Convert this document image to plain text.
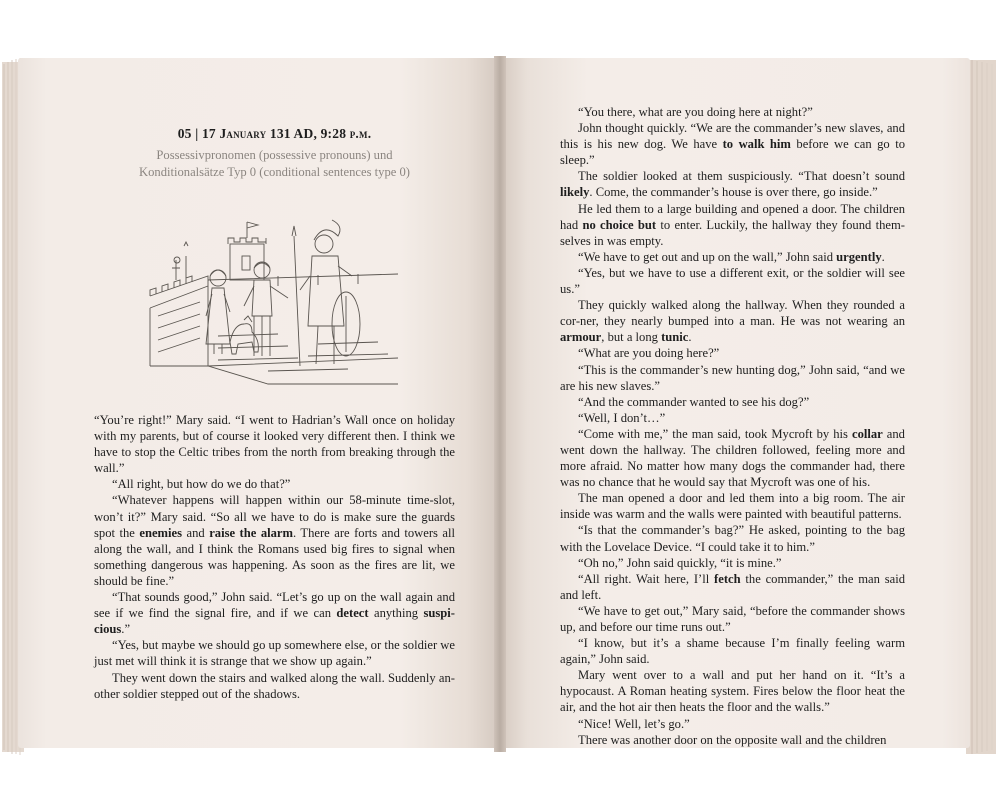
05 | 17 January 131 AD, 9:28 p.m.
Possessivpronomen (possessive pronouns) und
Konditionalsätze Typ 0 (conditional sentences type 0)

“You’re right!” Mary said. “I went to Hadrian’s Wall once on holiday with my parents, but of course it looked very different then. I think we have to stop the Celtic tribes from the north from breaking through the wall.”

“All right, but how do we do that?”

“Whatever happens will happen within our 58-minute time-slot, won’t it?” Mary said. “So all we have to do is make sure the guards spot the enemies and raise the alarm. There are forts and towers all along the wall, and I think the Romans used big fires to signal when something dangerous was happening. As soon as the fires are lit, we should be fine.”

“That sounds good,” John said. “Let’s go up on the wall again and see if we find the signal fire, and if we can detect anything suspi-cious.”

“Yes, but maybe we should go up somewhere else, or the soldier we just met will think it is strange that we show up again.”

They went down the stairs and walked along the wall. Suddenly an-other soldier stepped out of the shadows.

“You there, what are you doing here at night?”

John thought quickly. “We are the commander’s new slaves, and this is his new dog. We have to walk him before we can go to sleep.”

The soldier looked at them suspiciously. “That doesn’t sound likely. Come, the commander’s house is over there, go inside.”

He led them to a large building and opened a door. The children had no choice but to enter. Luckily, the hallway they found them-selves in was empty.

“We have to get out and up on the wall,” John said urgently.

“Yes, but we have to use a different exit, or the soldier will see us.”

They quickly walked along the hallway. When they rounded a cor-ner, they nearly bumped into a man. He was not wearing an armour, but a long tunic.

“What are you doing here?”

“This is the commander’s new hunting dog,” John said, “and we are his new slaves.”

“And the commander wanted to see his dog?”

“Well, I don’t…”

“Come with me,” the man said, took Mycroft by his collar and went down the hallway. The children followed, feeling more and more afraid. No matter how many dogs the commander had, there was no chance that he would say that Mycroft was one of his.

The man opened a door and led them into a big room. The air inside was warm and the walls were painted with beautiful patterns.

“Is that the commander’s bag?” He asked, pointing to the bag with the Lovelace Device. “I could take it to him.”

“Oh no,” John said quickly, “it is mine.”

“All right. Wait here, I’ll fetch the commander,” the man said and left.

“We have to get out,” Mary said, “before the commander shows up, and before our time runs out.”

“I know, but it’s a shame because I’m finally feeling warm again,” John said.

Mary went over to a wall and put her hand on it. “It’s a hypocaust. A Roman heating system. Fires below the floor heat the air, and the hot air then heats the floor and the walls.”

“Nice! Well, let’s go.”

There was another door on the opposite wall and the children
